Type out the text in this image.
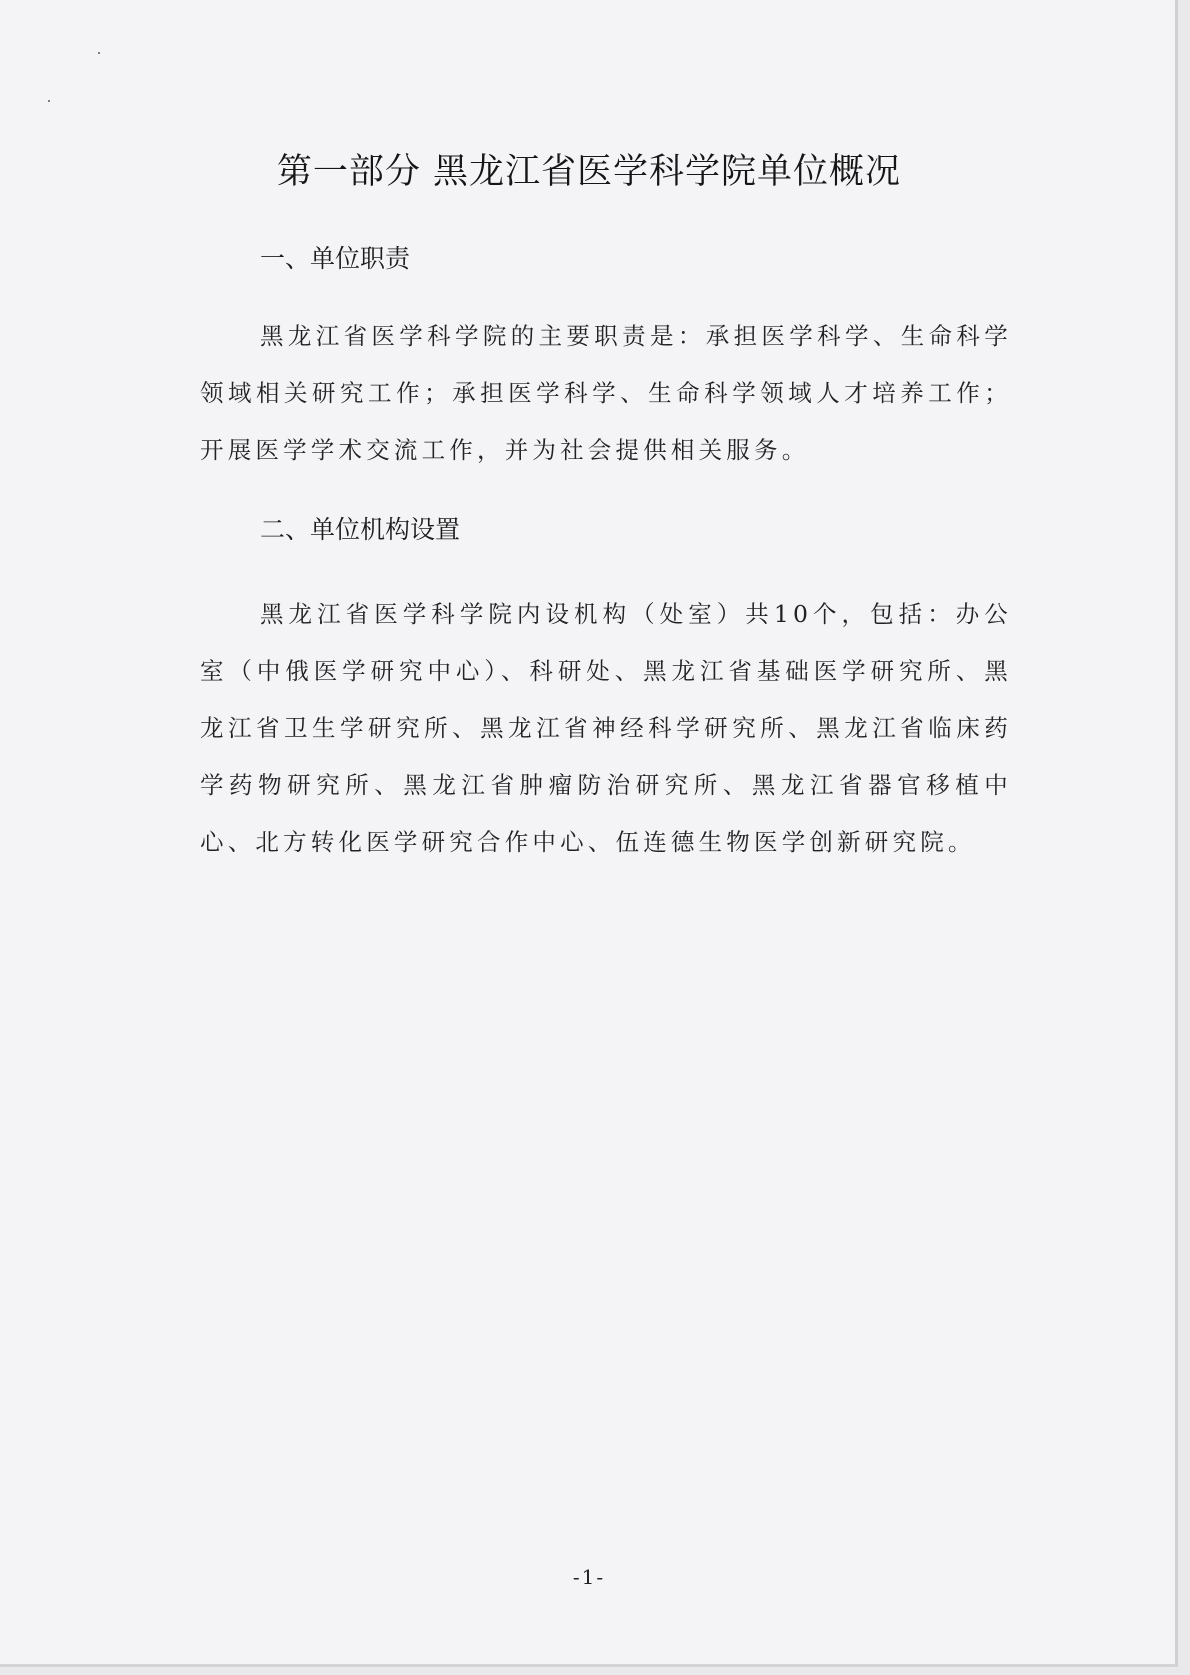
第一部分 黑龙江省医学科学院单位概况
一、单位职责

黑龙江省医学科学院的主要职责是：承担医学科学、生命科学领域相关研究工作；承担医学科学、生命科学领域人才培养工作；开展医学学术交流工作，并为社会提供相关服务。

二、单位机构设置

黑龙江省医学科学院内设机构（处室）共10个，包括：办公室（中俄医学研究中心）、科研处、黑龙江省基础医学研究所、黑龙江省卫生学研究所、黑龙江省神经科学研究所、黑龙江省临床药学药物研究所、黑龙江省肿瘤防治研究所、黑龙江省器官移植中心、北方转化医学研究合作中心、伍连德生物医学创新研究院。

-1-
